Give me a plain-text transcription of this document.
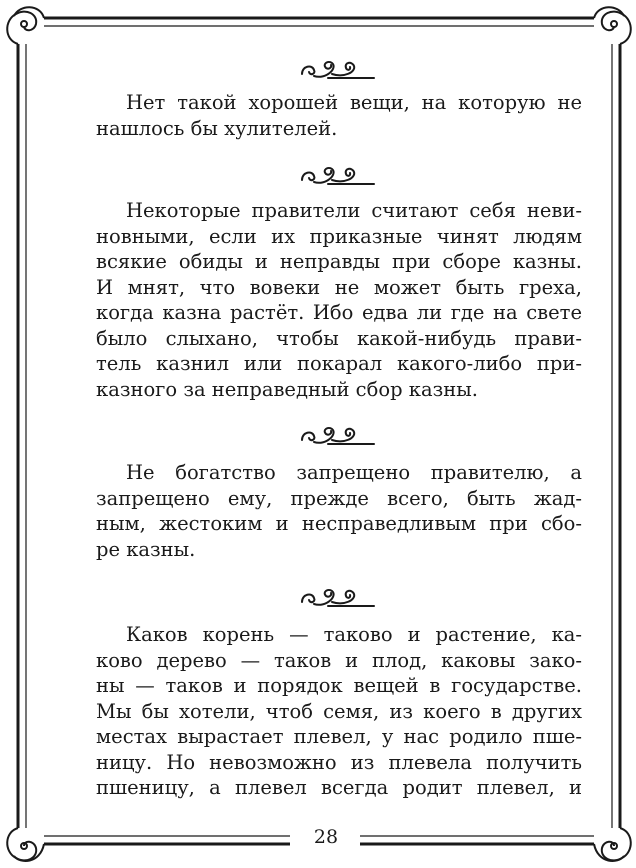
Нет такой хорошей вещи, на которую не
нашлось бы хулителей.

Некоторые правители считают себя неви-
новными, если их приказные чинят людям
всякие обиды и неправды при сборе казны.
И мнят, что вовеки не может быть греха,
когда казна растёт. Ибо едва ли где на свете
было слыхано, чтобы какой-нибудь прави-
тель казнил или покарал какого-либо при-
казного за неправедный сбор казны.

Не богатство запрещено правителю, а
запрещено ему, прежде всего, быть жад-
ным, жестоким и несправедливым при сбо-
ре казны.

Каков корень — таково и растение, ка-
ково дерево — таков и плод, каковы зако-
ны — таков и порядок вещей в государстве.
Мы бы хотели, чтоб семя, из коего в других
местах вырастает плевел, у нас родило пше-
ницу. Но невозможно из плевела получить
пшеницу, а плевел всегда родит плевел, и

28
